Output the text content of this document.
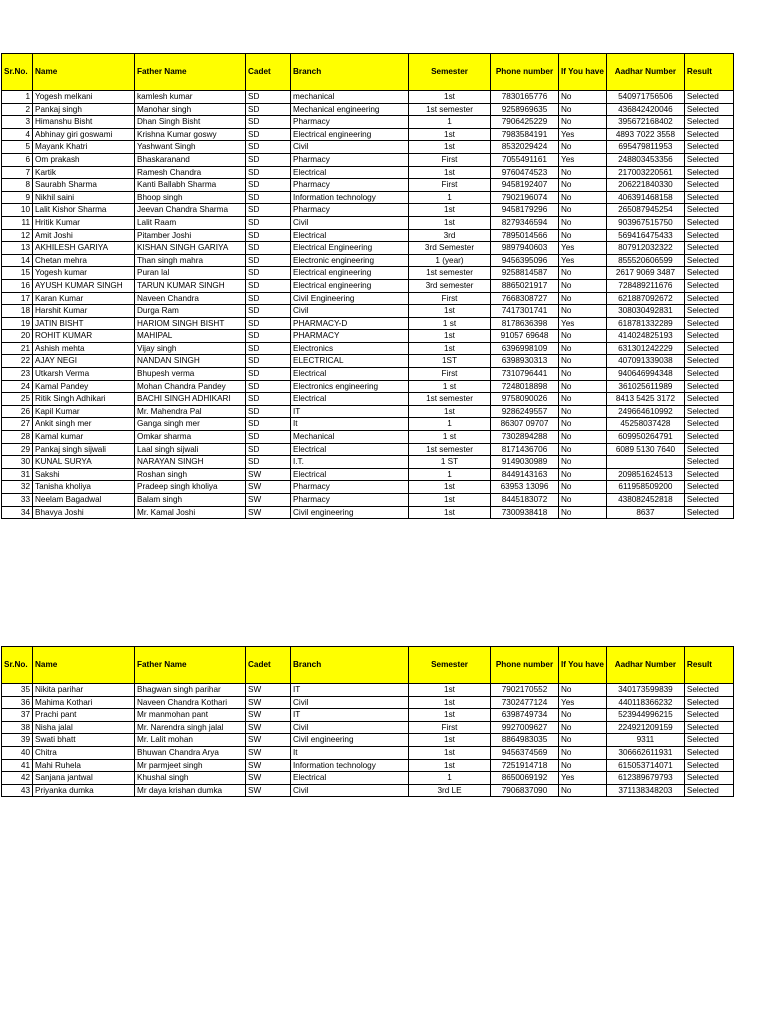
Sr.No.	Name	Father Name	Cadet	Branch	Semester	Phone number	If You have	Aadhar Number	Result
1	Yogesh melkani	kamlesh kumar	SD	mechanical	1st	7830165776	No	540971756506	Selected
2	Pankaj singh	Manohar singh	SD	Mechanical engineering	1st semester	9258969635	No	436842420046	Selected
3	Himanshu Bisht	Dhan Singh Bisht	SD	Pharmacy	1	7906425229	No	395672168402	Selected
4	Abhinay giri goswami	Krishna Kumar goswy	SD	Electrical engineering	1st	7983584191	Yes	4893 7022 3558	Selected
5	Mayank Khatri	Yashwant Singh	SD	Civil	1st	8532029424	No	695479811953	Selected
6	Om prakash	Bhaskaranand	SD	Pharmacy	First	7055491161	Yes	248803453356	Selected
7	Kartik	Ramesh Chandra	SD	Electrical	1st	9760474523	No	217003220561	Selected
8	Saurabh Sharma	Kanti Ballabh Sharma	SD	Pharmacy	First	9458192407	No	206221840330	Selected
9	Nikhil saini	Bhoop singh	SD	Information technology	1	7902196074	No	406391468158	Selected
10	Lalit Kishor Sharma	Jeevan Chandra Sharma	SD	Pharmacy	1st	9458179296	No	265087945254	Selected
11	Hritik Kumar	Lalit Raam	SD	Civil	1st	8279346594	No	903967515750	Selected
12	Amit Joshi	Pitamber Joshi	SD	Electrical	3rd	7895014566	No	569416475433	Selected
13	AKHILESH GARIYA	KISHAN SINGH GARIYA	SD	Electrical Engineering	3rd Semester	9897940603	Yes	807912032322	Selected
14	Chetan mehra	Than singh mahra	SD	Electronic engineering	1 (year)	9456395096	Yes	855520606599	Selected
15	Yogesh kumar	Puran lal	SD	Electrical engineering	1st semester	9258814587	No	2617 9069 3487	Selected
16	AYUSH KUMAR SINGH	TARUN KUMAR SINGH	SD	Electrical engineering	3rd semester	8865021917	No	728489211676	Selected
17	Karan Kumar	Naveen Chandra	SD	Civil Engineering	First	7668308727	No	621887092672	Selected
18	Harshit Kumar	Durga Ram	SD	Civil	1st	7417301741	No	308030492831	Selected
19	JATIN BISHT	HARIOM SINGH BISHT	SD	PHARMACY-D	1 st	8178636398	Yes	618781332289	Selected
20	ROHIT KUMAR	MAHIPAL	SD	PHARMACY	1st	91057 69648	No	414024825193	Selected
21	Ashish mehta	Vijay singh	SD	Electronics	1st	6396998109	No	631301242229	Selected
22	AJAY NEGI	NANDAN SINGH	SD	ELECTRICAL	1ST	6398930313	No	407091339038	Selected
23	Utkarsh Verma	Bhupesh verma	SD	Electrical	First	7310796441	No	940646994348	Selected
24	Kamal Pandey	Mohan Chandra Pandey	SD	Electronics engineering	1 st	7248018898	No	361025611989	Selected
25	Ritik Singh Adhikari	BACHI SINGH ADHIKARI	SD	Electrical	1st semester	9758090026	No	8413 5425 3172	Selected
26	Kapil Kumar	Mr. Mahendra Pal	SD	IT	1st	9286249557	No	249664610992	Selected
27	Ankit singh mer	Ganga singh mer	SD	It	1	86307 09707	No	45258037428	Selected
28	Kamal kumar	Omkar sharma	SD	Mechanical	1 st	7302894288	No	609950264791	Selected
29	Pankaj singh sijwali	Laal singh sijwali	SD	Electrical	1st semester	8171436706	No	6089 5130 7640	Selected
30	KUNAL SURYA	NARAYAN SINGH	SD	I.T.	1 ST	9149030989	No		Selected
31	Sakshi	Roshan singh	SW	Electrical	1	8449143163	No	209851624513	Selected
32	Tanisha kholiya	Pradeep singh kholiya	SW	Pharmacy	1st	63953 13096	No	611958509200	Selected
33	Neelam Bagadwal	Balam singh	SW	Pharmacy	1st	8445183072	No	438082452818	Selected
34	Bhavya Joshi	Mr. Kamal Joshi	SW	Civil engineering	1st	7300938418	No	8637	Selected
Sr.No.	Name	Father Name	Cadet	Branch	Semester	Phone number	If You have	Aadhar Number	Result
35	Nikita parihar	Bhagwan singh parihar	SW	IT	1st	7902170552	No	340173599839	Selected
36	Mahima Kothari	Naveen Chandra Kothari	SW	Civil	1st	7302477124	Yes	440118366232	Selected
37	Prachi pant	Mr manmohan pant	SW	IT	1st	6398749734	No	523944996215	Selected
38	Nisha jalal	Mr. Narendra singh jalal	SW	Civil	First	9927009627	No	224921209159	Selected
39	Swati bhatt	Mr. Lalit mohan	SW	Civil engineering	1st	8864983035	No	9311	Selected
40	Chitra	Bhuwan Chandra Arya	SW	It	1st	9456374569	No	306662611931	Selected
41	Mahi Ruhela	Mr parmjeet singh	SW	Information technology	1st	7251914718	No	615053714071	Selected
42	Sanjana jantwal	Khushal singh	SW	Electrical	1	8650069192	Yes	612389679793	Selected
43	Priyanka dumka	Mr daya krishan dumka	SW	Civil	3rd LE	7906837090	No	371138348203	Selected
